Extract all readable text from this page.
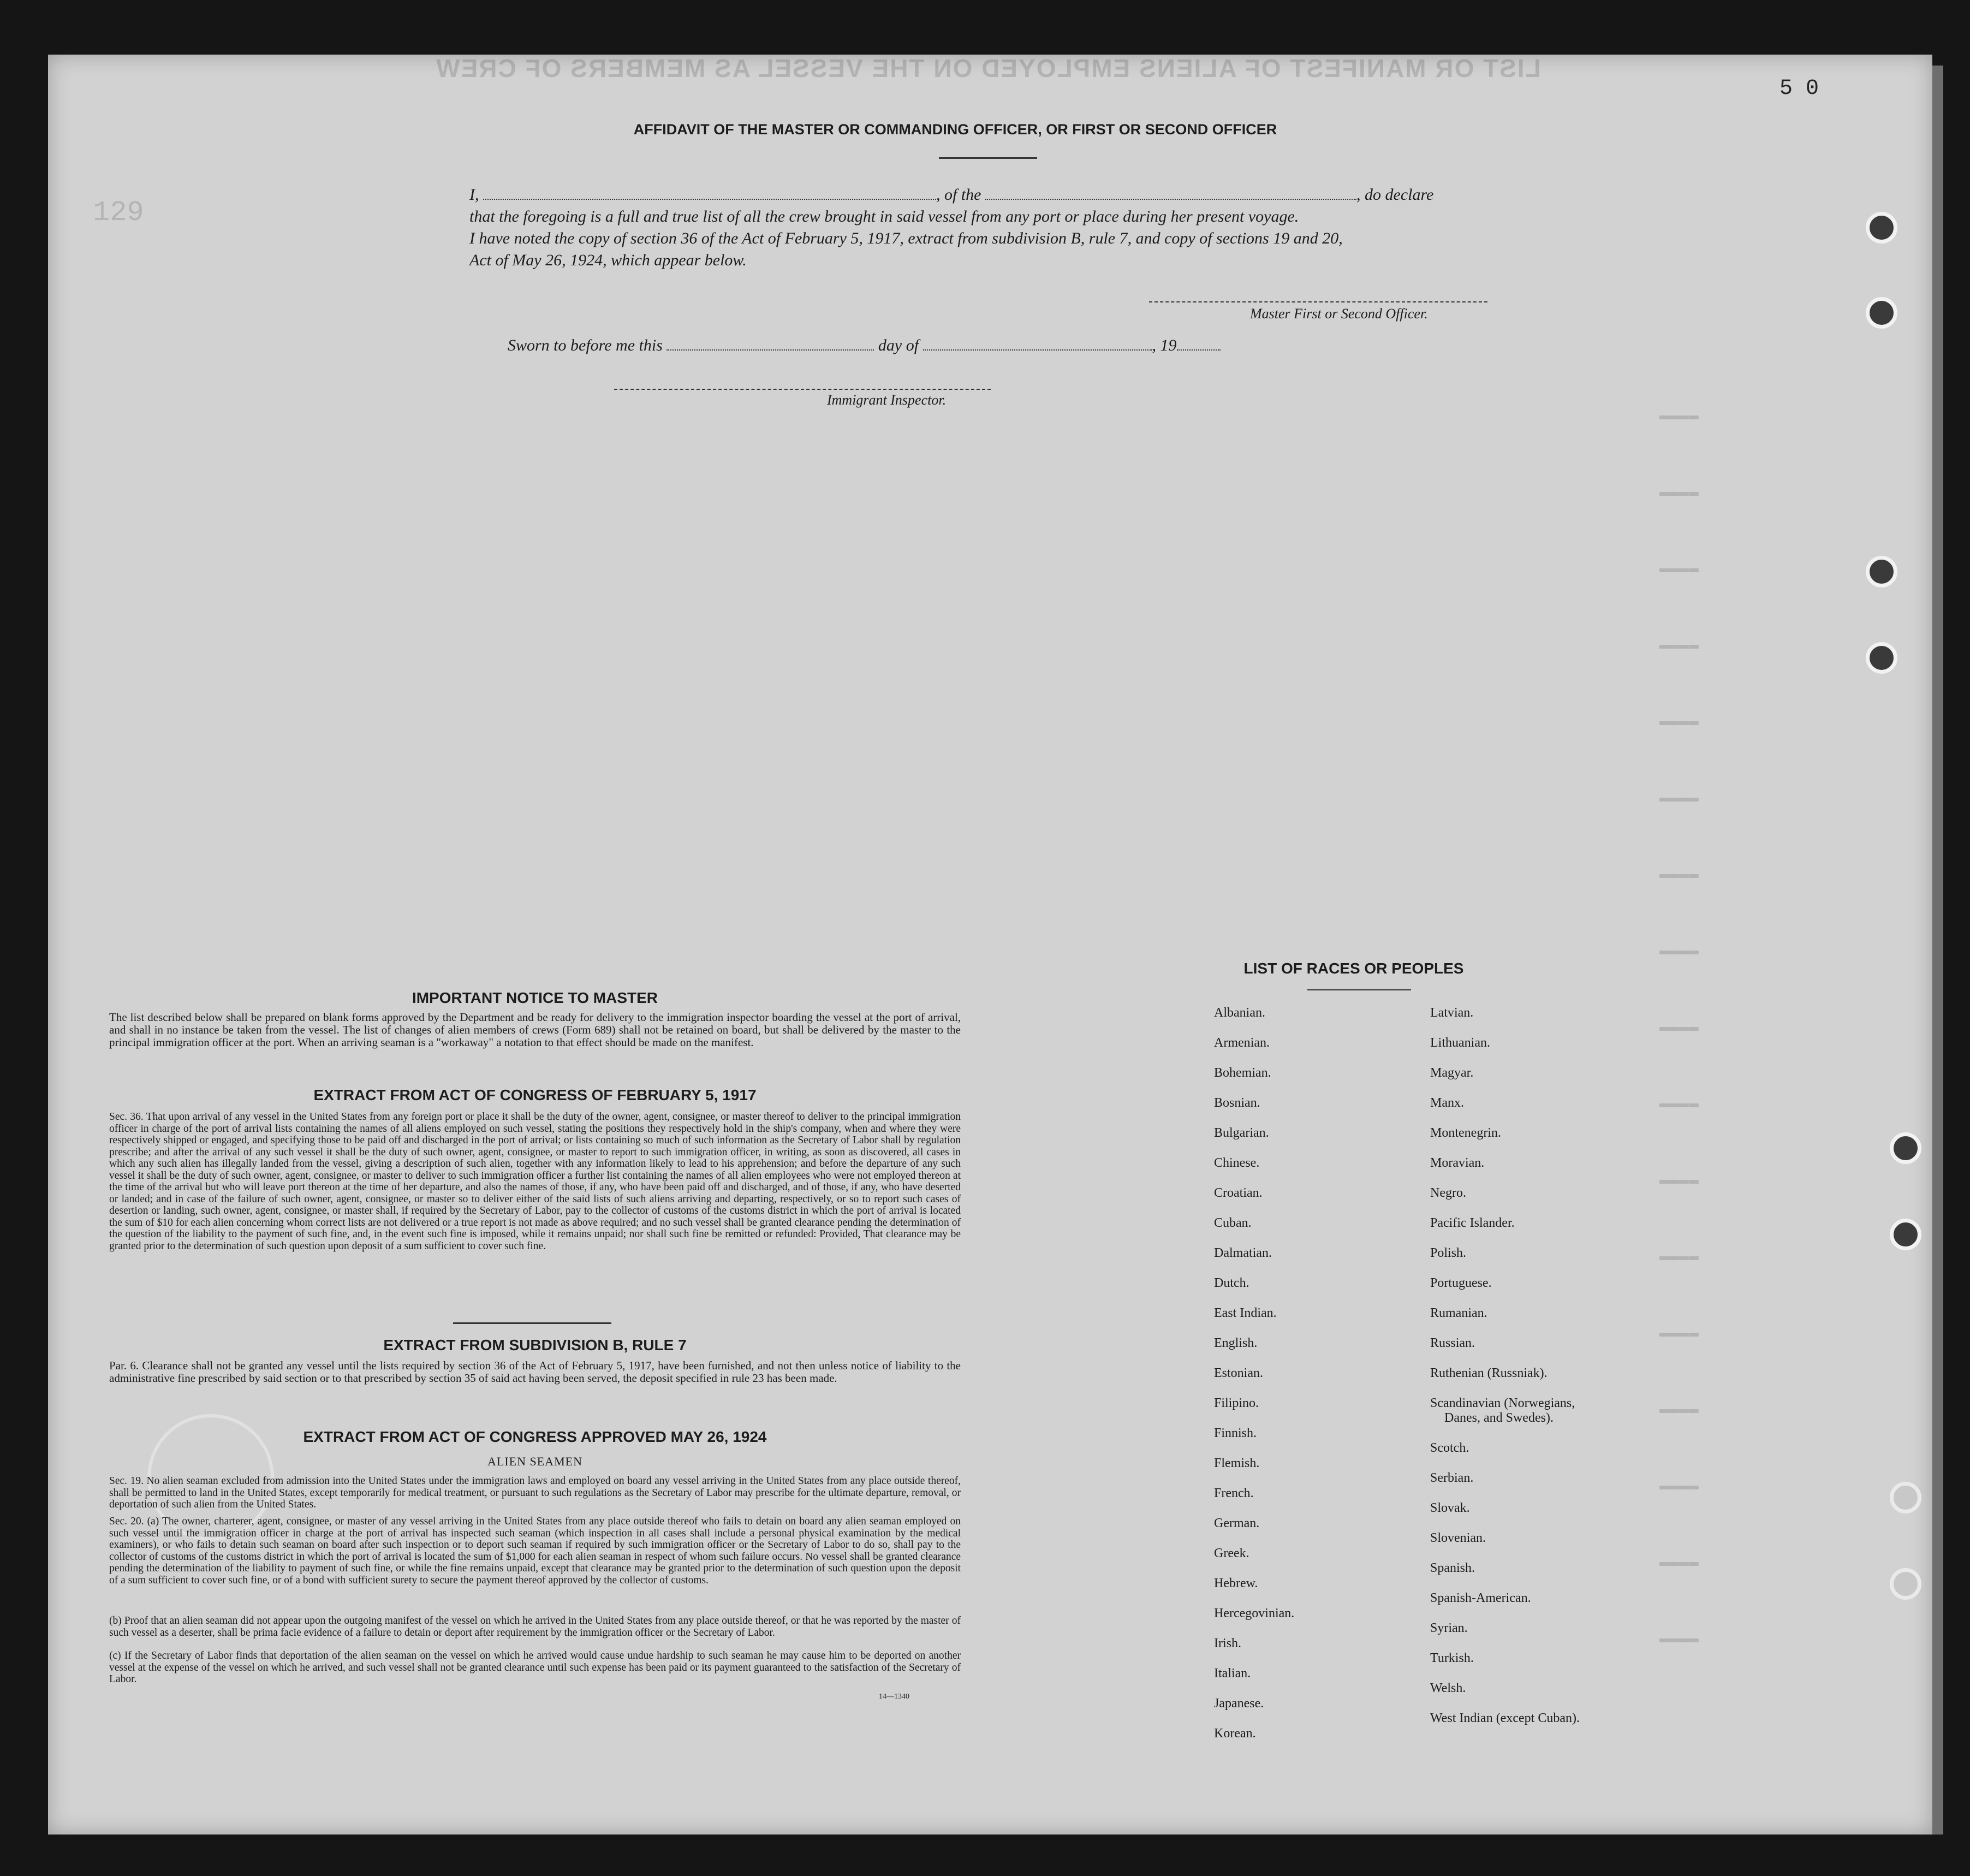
LIST OR MANIFEST OF ALIENS EMPLOYED ON THE VESSEL AS MEMBERS OF CREW
129
5 0
▬▬▬▬
▬▬▬▬
▬▬▬▬
▬▬▬▬
▬▬▬▬
▬▬▬▬
▬▬▬▬
▬▬▬▬
▬▬▬▬
▬▬▬▬
▬▬▬▬
▬▬▬▬
▬▬▬▬
▬▬▬▬
▬▬▬▬
▬▬▬▬
▬▬▬▬
AFFIDAVIT OF THE MASTER OR COMMANDING OFFICER, OR FIRST OR SECOND OFFICER
I,	, of the	, do declare
that the foregoing is a full and true list of all the crew brought in said vessel from any port or place during her present voyage.
I have noted the copy of section 36 of the Act of February 5, 1917, extract from subdivision B, rule 7, and copy of sections 19 and 20,
Act of May 26, 1924, which appear below.
Master First or Second Officer.
Sworn to before me this	day of	, 19
Immigrant Inspector.
IMPORTANT NOTICE TO MASTER
The list described below shall be prepared on blank forms approved by the Department and be ready for delivery to the immigration inspector boarding the vessel at the port of arrival, and shall in no instance be taken from the vessel. The list of changes of alien members of crews (Form 689) shall not be retained on board, but shall be delivered by the master to the principal immigration officer at the port. When an arriving seaman is a "workaway" a notation to that effect should be made on the manifest.
EXTRACT FROM ACT OF CONGRESS OF FEBRUARY 5, 1917
Sec. 36. That upon arrival of any vessel in the United States from any foreign port or place it shall be the duty of the owner, agent, consignee, or master thereof to deliver to the principal immigration officer in charge of the port of arrival lists containing the names of all aliens employed on such vessel, stating the positions they respectively hold in the ship's company, when and where they were respectively shipped or engaged, and specifying those to be paid off and discharged in the port of arrival; or lists containing so much of such information as the Secretary of Labor shall by regulation prescribe; and after the arrival of any such vessel it shall be the duty of such owner, agent, consignee, or master to report to such immigration officer, in writing, as soon as discovered, all cases in which any such alien has illegally landed from the vessel, giving a description of such alien, together with any information likely to lead to his apprehension; and before the departure of any such vessel it shall be the duty of such owner, agent, consignee, or master to deliver to such immigration officer a further list containing the names of all alien employees who were not employed thereon at the time of the arrival but who will leave port thereon at the time of her departure, and also the names of those, if any, who have been paid off and discharged, and of those, if any, who have deserted or landed; and in case of the failure of such owner, agent, consignee, or master so to deliver either of the said lists of such aliens arriving and departing, respectively, or so to report such cases of desertion or landing, such owner, agent, consignee, or master shall, if required by the Secretary of Labor, pay to the collector of customs of the customs district in which the port of arrival is located the sum of $10 for each alien concerning whom correct lists are not delivered or a true report is not made as above required; and no such vessel shall be granted clearance pending the determination of the question of the liability to the payment of such fine, and, in the event such fine is imposed, while it remains unpaid; nor shall such fine be remitted or refunded: Provided, That clearance may be granted prior to the determination of such question upon deposit of a sum sufficient to cover such fine.
EXTRACT FROM SUBDIVISION B, RULE 7
Par. 6. Clearance shall not be granted any vessel until the lists required by section 36 of the Act of February 5, 1917, have been furnished, and not then unless notice of liability to the administrative fine prescribed by said section or to that prescribed by section 35 of said act having been served, the deposit specified in rule 23 has been made.
EXTRACT FROM ACT OF CONGRESS APPROVED MAY 26, 1924
ALIEN SEAMEN
Sec. 19. No alien seaman excluded from admission into the United States under the immigration laws and employed on board any vessel arriving in the United States from any place outside thereof, shall be permitted to land in the United States, except temporarily for medical treatment, or pursuant to such regulations as the Secretary of Labor may prescribe for the ultimate departure, removal, or deportation of such alien from the United States.
Sec. 20. (a) The owner, charterer, agent, consignee, or master of any vessel arriving in the United States from any place outside thereof who fails to detain on board any alien seaman employed on such vessel until the immigration officer in charge at the port of arrival has inspected such seaman (which inspection in all cases shall include a personal physical examination by the medical examiners), or who fails to detain such seaman on board after such inspection or to deport such seaman if required by such immigration officer or the Secretary of Labor to do so, shall pay to the collector of customs of the customs district in which the port of arrival is located the sum of $1,000 for each alien seaman in respect of whom such failure occurs. No vessel shall be granted clearance pending the determination of the liability to payment of such fine, or while the fine remains unpaid, except that clearance may be granted prior to the determination of such question upon the deposit of a sum sufficient to cover such fine, or of a bond with sufficient surety to secure the payment thereof approved by the collector of customs.
(b) Proof that an alien seaman did not appear upon the outgoing manifest of the vessel on which he arrived in the United States from any place outside thereof, or that he was reported by the master of such vessel as a deserter, shall be prima facie evidence of a failure to detain or deport after requirement by the immigration officer or the Secretary of Labor.
(c) If the Secretary of Labor finds that deportation of the alien seaman on the vessel on which he arrived would cause undue hardship to such seaman he may cause him to be deported on another vessel at the expense of the vessel on which he arrived, and such vessel shall not be granted clearance until such expense has been paid or its payment guaranteed to the satisfaction of the Secretary of Labor.
14—1340
LIST OF RACES OR PEOPLES
Albanian.
Armenian.
Bohemian.
Bosnian.
Bulgarian.
Chinese.
Croatian.
Cuban.
Dalmatian.
Dutch.
East Indian.
English.
Estonian.
Filipino.
Finnish.
Flemish.
French.
German.
Greek.
Hebrew.
Hercegovinian.
Irish.
Italian.
Japanese.
Korean.
Latvian.
Lithuanian.
Magyar.
Manx.
Montenegrin.
Moravian.
Negro.
Pacific Islander.
Polish.
Portuguese.
Rumanian.
Russian.
Ruthenian (Russniak).
Scandinavian (Norwegians,
Danes, and Swedes).
Scotch.
Serbian.
Slovak.
Slovenian.
Spanish.
Spanish-American.
Syrian.
Turkish.
Welsh.
West Indian (except Cuban).
